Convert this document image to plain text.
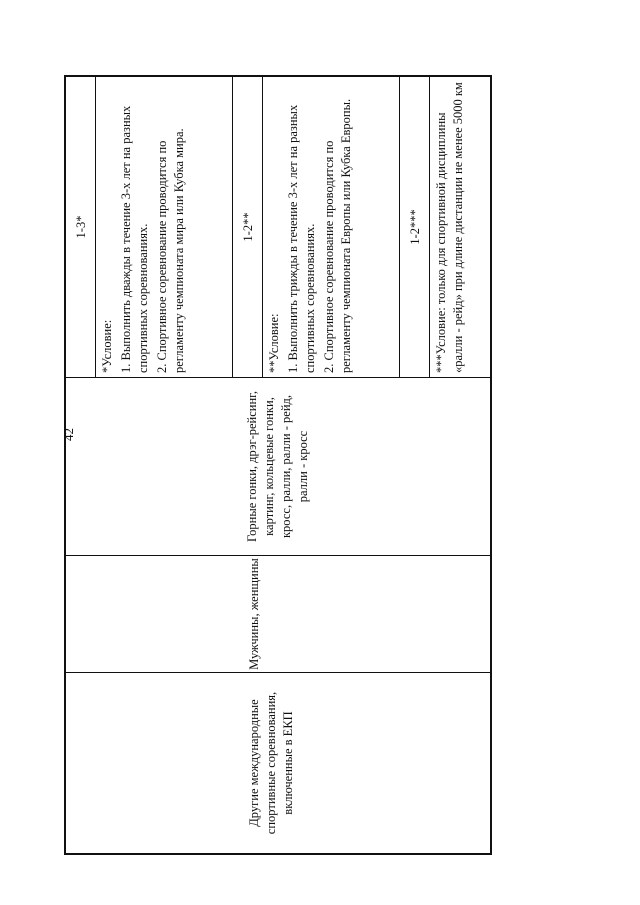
42
Другие международные спортивные соревнования, включенные в ЕКП
Мужчины, женщины
Горные гонки, дрэг-рейсинг, картинг, кольцевые гонки, кросс, ралли, ралли - рейд, ралли - кросс
1-3*

*Условие: 1. Выполнить дважды в течение 3-х лет на разных спортивных соревнованиях. 2. Спортивное соревнование проводится по регламенту чемпионата мира или Кубка мира.	1-2**

**Условие: 1. Выполнить трижды в течение 3-х лет на разных спортивных соревнованиях. 2. Спортивное соревнование проводится по регламенту чемпионата Европы или Кубка Европы.	1-2*** ***Условие: только для спортивной дисциплины «ралли - рейд» при длине дистанции не менее 5000 км
